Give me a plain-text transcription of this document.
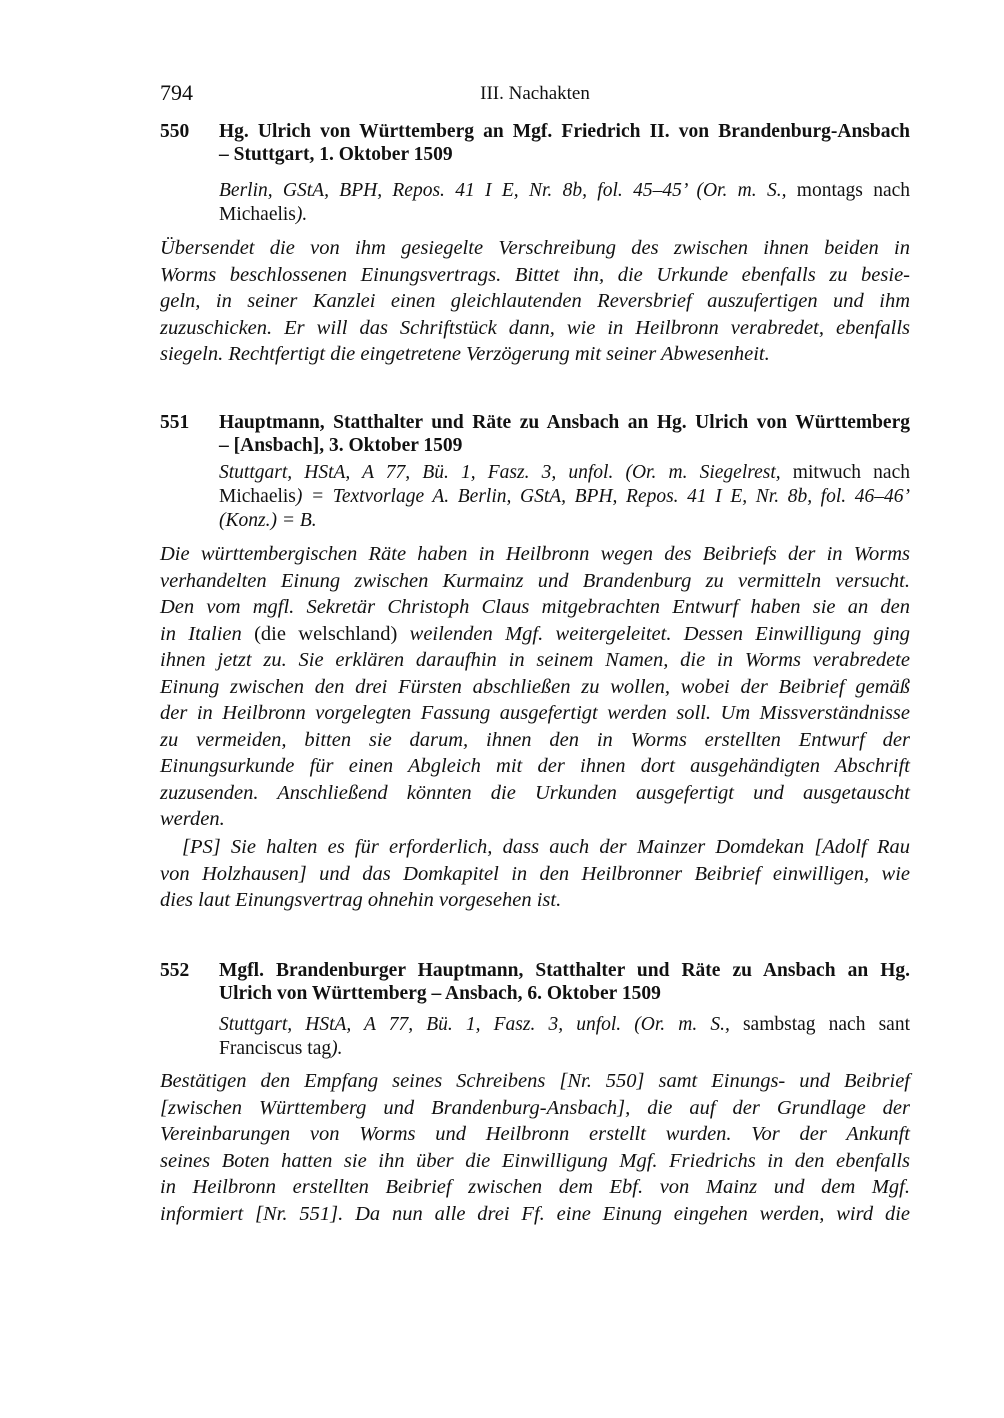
794	III. Nachakten
550 Hg. Ulrich von Württemberg an Mgf. Friedrich II. von Brandenburg-Ansbach
– Stuttgart, 1. Oktober 1509
Berlin, GStA, BPH, Repos. 41 I E, Nr. 8b, fol. 45–45’ (Or. m. S., montags nach
Michaelis).
Übersendet die von ihm gesiegelte Verschreibung des zwischen ihnen beiden in
Worms beschlossenen Einungsvertrags. Bittet ihn, die Urkunde ebenfalls zu besie-
geln, in seiner Kanzlei einen gleichlautenden Reversbrief auszufertigen und ihm
zuzuschicken. Er will das Schriftstück dann, wie in Heilbronn verabredet, ebenfalls
siegeln. Rechtfertigt die eingetretene Verzögerung mit seiner Abwesenheit.
551 Hauptmann, Statthalter und Räte zu Ansbach an Hg. Ulrich von Württemberg
– [Ansbach], 3. Oktober 1509
Stuttgart, HStA, A 77, Bü. 1, Fasz. 3, unfol. (Or. m. Siegelrest, mitwuch nach
Michaelis) = Textvorlage A. Berlin, GStA, BPH, Repos. 41 I E, Nr. 8b, fol. 46–46’
(Konz.) = B.
Die württembergischen Räte haben in Heilbronn wegen des Beibriefs der in Worms
verhandelten Einung zwischen Kurmainz und Brandenburg zu vermitteln versucht.
Den vom mgfl. Sekretär Christoph Claus mitgebrachten Entwurf haben sie an den
in Italien (die welschland) weilenden Mgf. weitergeleitet. Dessen Einwilligung ging
ihnen jetzt zu. Sie erklären daraufhin in seinem Namen, die in Worms verabredete
Einung zwischen den drei Fürsten abschließen zu wollen, wobei der Beibrief gemäß
der in Heilbronn vorgelegten Fassung ausgefertigt werden soll. Um Missverständnisse
zu vermeiden, bitten sie darum, ihnen den in Worms erstellten Entwurf der
Einungsurkunde für einen Abgleich mit der ihnen dort ausgehändigten Abschrift
zuzusenden. Anschließend könnten die Urkunden ausgefertigt und ausgetauscht
werden.
[PS] Sie halten es für erforderlich, dass auch der Mainzer Domdekan [Adolf Rau
von Holzhausen] und das Domkapitel in den Heilbronner Beibrief einwilligen, wie
dies laut Einungsvertrag ohnehin vorgesehen ist.
552 Mgfl. Brandenburger Hauptmann, Statthalter und Räte zu Ansbach an Hg.
Ulrich von Württemberg – Ansbach, 6. Oktober 1509
Stuttgart, HStA, A 77, Bü. 1, Fasz. 3, unfol. (Or. m. S., sambstag nach sant
Franciscus tag).
Bestätigen den Empfang seines Schreibens [Nr. 550] samt Einungs- und Beibrief
[zwischen Württemberg und Brandenburg-Ansbach], die auf der Grundlage der
Vereinbarungen von Worms und Heilbronn erstellt wurden. Vor der Ankunft
seines Boten hatten sie ihn über die Einwilligung Mgf. Friedrichs in den ebenfalls
in Heilbronn erstellten Beibrief zwischen dem Ebf. von Mainz und dem Mgf.
informiert [Nr. 551]. Da nun alle drei Ff. eine Einung eingehen werden, wird die
